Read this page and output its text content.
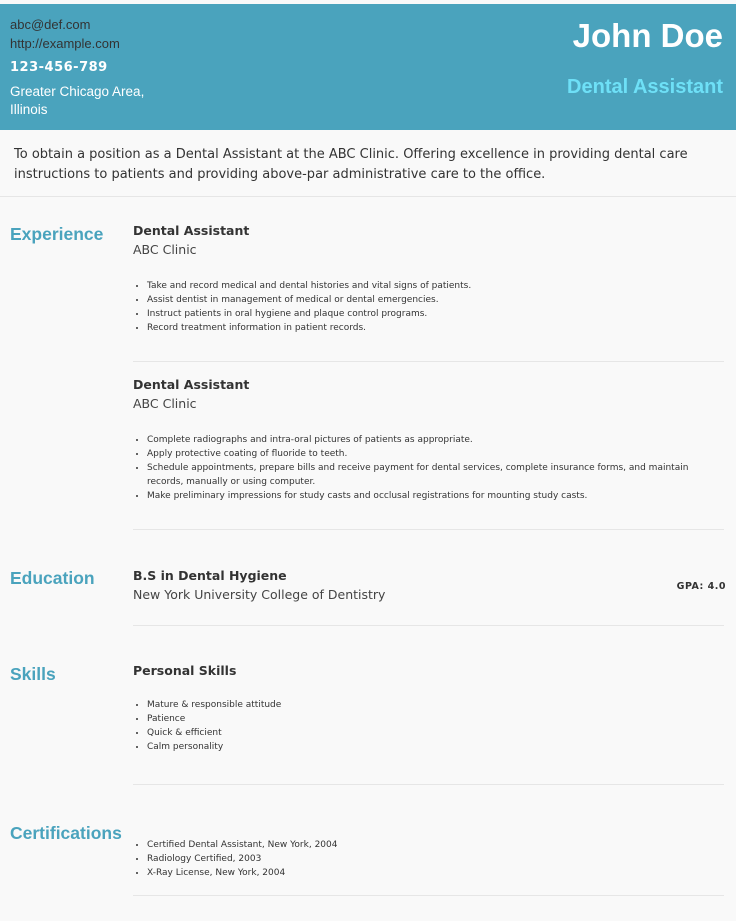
abc@def.com
http://example.com
123-456-789
Greater Chicago Area, Illinois
John Doe
Dental Assistant
To obtain a position as a Dental Assistant at the ABC Clinic. Offering excellence in providing dental care instructions to patients and providing above-par administrative care to the office.
Experience Dental Assistant
ABC Clinic
• Take and record medical and dental histories and vital signs of patients.
• Assist dentist in management of medical or dental emergencies.
• Instruct patients in oral hygiene and plaque control programs.
• Record treatment information in patient records.
Dental Assistant
ABC Clinic
• Complete radiographs and intra-oral pictures of patients as appropriate.
• Apply protective coating of fluoride to teeth.
• Schedule appointments, prepare bills and receive payment for dental services, complete insurance forms, and maintain records, manually or using computer.
• Make preliminary impressions for study casts and occlusal registrations for mounting study casts.
Education	B.S in Dental Hygiene
New York University College of Dentistry
GPA: 4.0
Skills	Personal Skills
• Mature & responsible attitude
• Patience
• Quick & efficient
• Calm personality
Certifications
• Certified Dental Assistant, New York, 2004
• Radiology Certified, 2003
• X-Ray License, New York, 2004
